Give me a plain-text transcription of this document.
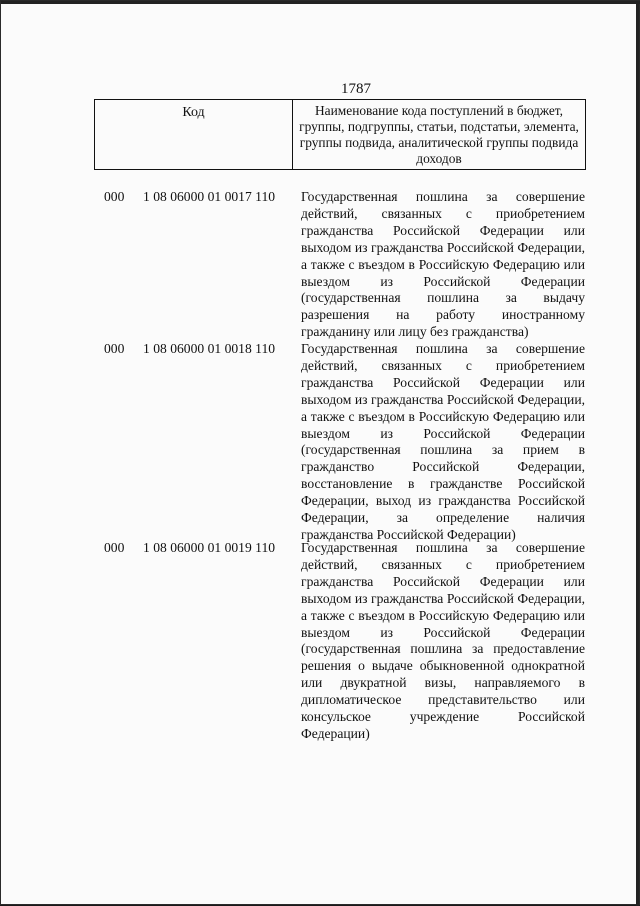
1787
Код	Наименование кода поступлений в бюджет, группы, подгруппы, статьи, подстатьи, элемента, группы подвида, аналитической группы подвида доходов
000 1 08 06000 01 0017 110 Государственная пошлина за совершение действий, связанных с приобретением гражданства Российской Федерации или выходом из гражданства Российской Федерации, а также с въездом в Российскую Федерацию или выездом из Российской Федерации (государственная пошлина за выдачу разрешения на работу иностранному гражданину или лицу без гражданства)
000 1 08 06000 01 0018 110 Государственная пошлина за совершение действий, связанных с приобретением гражданства Российской Федерации или выходом из гражданства Российской Федерации, а также с въездом в Российскую Федерацию или выездом из Российской Федерации (государственная пошлина за прием в гражданство Российской Федерации, восстановление в гражданстве Российской Федерации, выход из гражданства Российской Федерации, за определение наличия гражданства Российской Федерации)
000 1 08 06000 01 0019 110 Государственная пошлина за совершение действий, связанных с приобретением гражданства Российской Федерации или выходом из гражданства Российской Федерации, а также с въездом в Российскую Федерацию или выездом из Российской Федерации (государственная пошлина за предоставление решения о выдаче обыкновенной однократной или двукратной визы, направляемого в дипломатическое представительство или консульское учреждение Российской Федерации)
